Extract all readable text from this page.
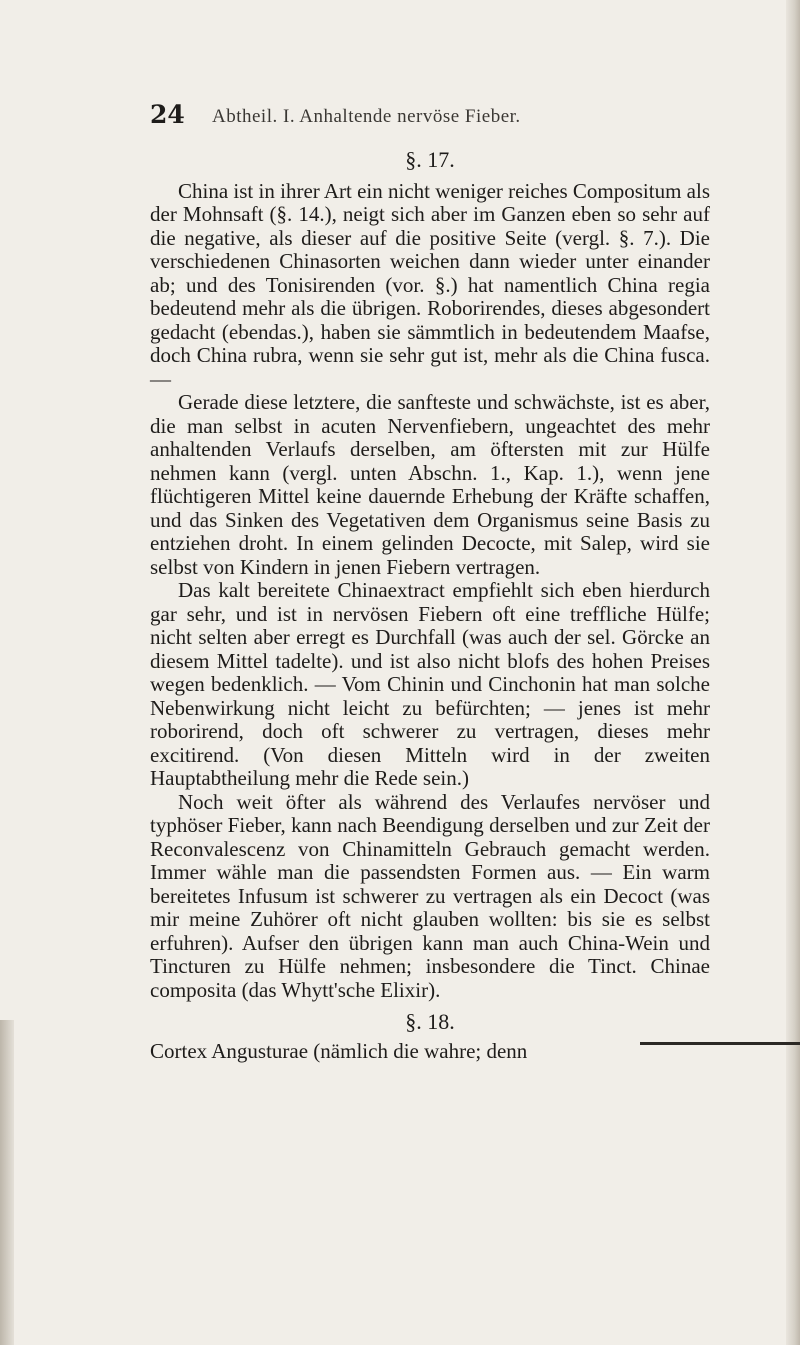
24 Abtheil. I. Anhaltende nervöse Fieber.

§. 17.

China ist in ihrer Art ein nicht weniger reiches Compositum als der Mohnsaft (§. 14.), neigt sich aber im Ganzen eben so sehr auf die negative, als dieser auf die positive Seite (vergl. §. 7.). Die verschiedenen Chinasorten weichen dann wieder unter einander ab; und des Tonisirenden (vor. §.) hat namentlich China regia bedeutend mehr als die übrigen. Roborirendes, dieses abgesondert gedacht (ebendas.), haben sie sämmtlich in bedeutendem Maafse, doch China rubra, wenn sie sehr gut ist, mehr als die China fusca. —

Gerade diese letztere, die sanfteste und schwächste, ist es aber, die man selbst in acuten Nervenfiebern, ungeachtet des mehr anhaltenden Verlaufs derselben, am öftersten mit zur Hülfe nehmen kann (vergl. unten Abschn. 1., Kap. 1.), wenn jene flüchtigeren Mittel keine dauernde Erhebung der Kräfte schaffen, und das Sinken des Vegetativen dem Organismus seine Basis zu entziehen droht. In einem gelinden Decocte, mit Salep, wird sie selbst von Kindern in jenen Fiebern vertragen.

Das kalt bereitete Chinaextract empfiehlt sich eben hierdurch gar sehr, und ist in nervösen Fiebern oft eine treffliche Hülfe; nicht selten aber erregt es Durchfall (was auch der sel. Görcke an diesem Mittel tadelte). und ist also nicht blofs des hohen Preises wegen bedenklich. — Vom Chinin und Cinchonin hat man solche Nebenwirkung nicht leicht zu befürchten; — jenes ist mehr roborirend, doch oft schwerer zu vertragen, dieses mehr excitirend. (Von diesen Mitteln wird in der zweiten Hauptabtheilung mehr die Rede sein.)

Noch weit öfter als während des Verlaufes nervöser und typhöser Fieber, kann nach Beendigung derselben und zur Zeit der Reconvalescenz von Chinamitteln Gebrauch gemacht werden. Immer wähle man die passendsten Formen aus. — Ein warm bereitetes Infusum ist schwerer zu vertragen als ein Decoct (was mir meine Zuhörer oft nicht glauben wollten: bis sie es selbst erfuhren). Aufser den übrigen kann man auch China-Wein und Tincturen zu Hülfe nehmen; insbesondere die Tinct. Chinae composita (das Whytt'sche Elixir).

§. 18.

Cortex Angusturae (nämlich die wahre; denn
